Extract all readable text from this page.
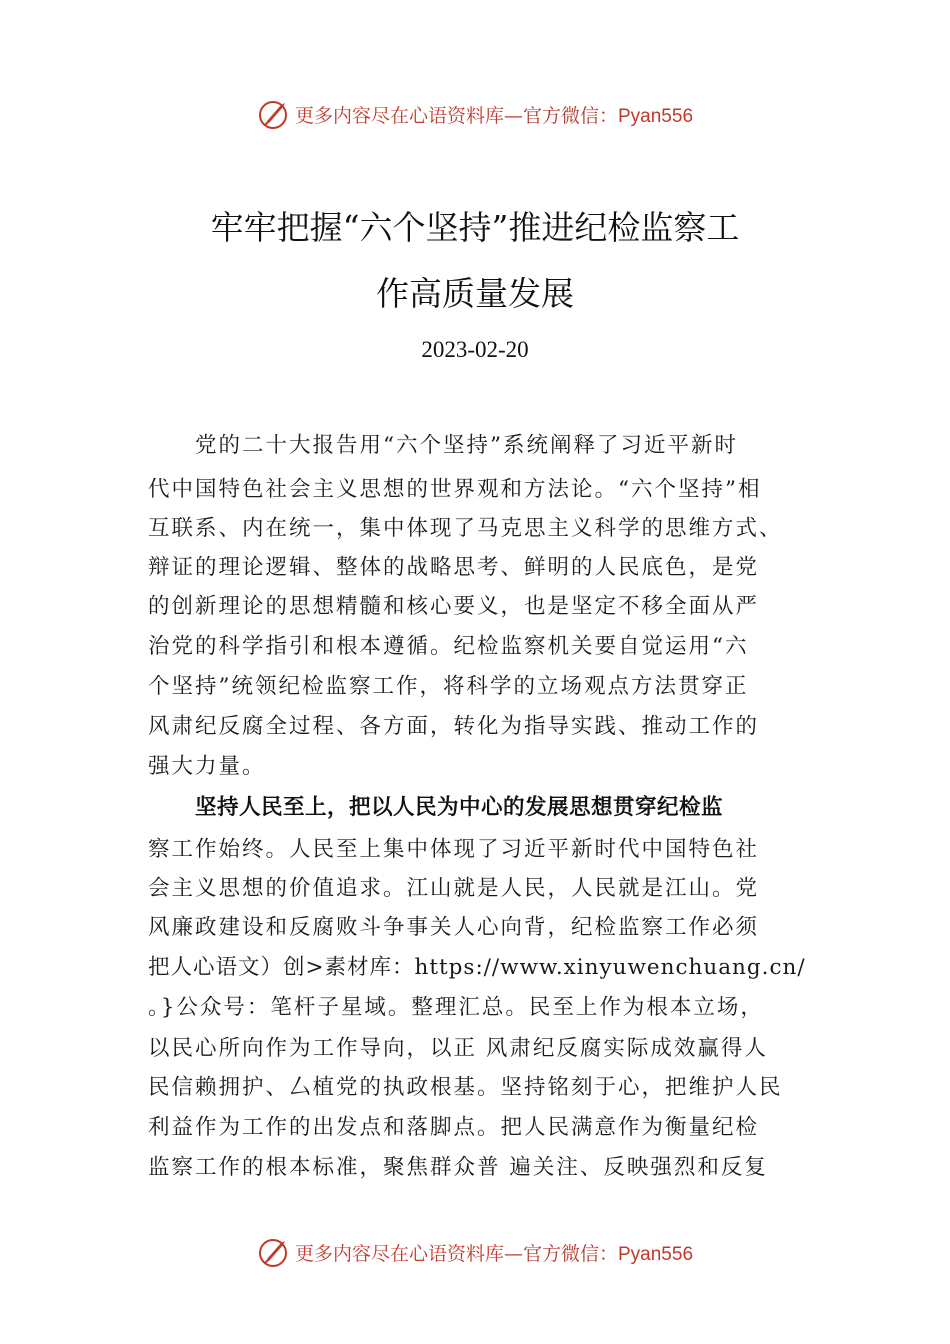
更多内容尽在心语资料库—官方微信：Pyan556
牢牢把握“六个坚持”推进纪检监察工
作高质量发展
2023-02-20
党的二十大报告用“六个坚持”系统阐释了习近平新时
代中国特色社会主义思想的世界观和方法论。“六个坚持”相
互联系、内在统一，集中体现了马克思主义科学的思维方式、
辩证的理论逻辑、整体的战略思考、鲜明的人民底色，是党
的创新理论的思想精髓和核心要义，也是坚定不移全面从严
治党的科学指引和根本遵循。纪检监察机关要自觉运用“六
个坚持”统领纪检监察工作，将科学的立场观点方法贯穿正
风肃纪反腐全过程、各方面，转化为指导实践、推动工作的
强大力量。
坚持人民至上，把以人民为中心的发展思想贯穿纪检监
察工作始终。人民至上集中体现了习近平新时代中国特色社
会主义思想的价值追求。江山就是人民，人民就是江山。党
风廉政建设和反腐败斗争事关人心向背，纪检监察工作必须
把人心语文）创>素材库：https://www.xinyuwenchuang.cn/
。}公众号：笔杆子星域。整理汇总。民至上作为根本立场，
以民心所向作为工作导向，以正 风肃纪反腐实际成效赢得人
民信赖拥护、⼛植党的执政根基。坚持铭刻于心，把维护人民
利益作为工作的出发点和落脚点。把人民满意作为衡量纪检
监察工作的根本标准，聚焦群众普 遍关注、反映强烈和反复
更多内容尽在心语资料库—官方微信：Pyan556
